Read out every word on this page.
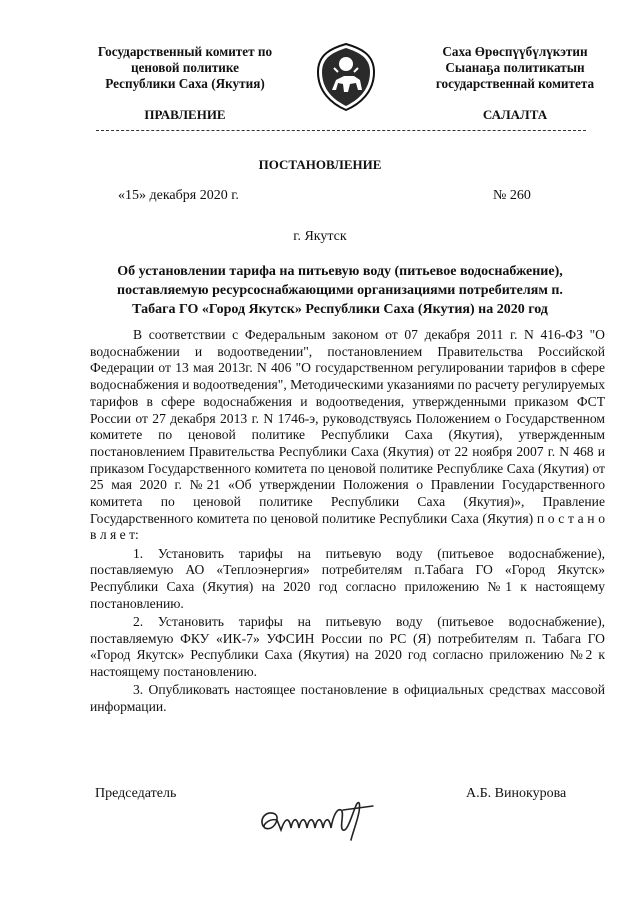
Государственный комитет по
ценовой политике
Республики Саха (Якутия)
Саха Өрөспүүбүлүкэтин
Сыанаҕа политикатын
государственнай комитета
ПРАВЛЕНИЕ	САЛАЛТА
ПОСТАНОВЛЕНИЕ
«15» декабря 2020 г.	№ 260
г. Якутск
Об установлении тарифа на питьевую воду (питьевое водоснабжение),
поставляемую ресурсоснабжающими организациями потребителям п.
Табага ГО «Город Якутск» Республики Саха (Якутия) на 2020 год

В соответствии с Федеральным законом от 07 декабря 2011 г. N 416-ФЗ "О водоснабжении и водоотведении", постановлением Правительства Российской Федерации от 13 мая 2013г. N 406 "О государственном регулировании тарифов в сфере водоснабжения и водоотведения", Методическими указаниями по расчету регулируемых тарифов в сфере водоснабжения и водоотведения, утвержденными приказом ФСТ России от 27 декабря 2013 г. N 1746-э, руководствуясь Положением о Государственном комитете по ценовой политике Республики Саха (Якутия), утвержденным постановлением Правительства Республики Саха (Якутия) от 22 ноября 2007 г. N 468 и приказом Государственного комитета по ценовой политике Республике Саха (Якутия) от 25 мая 2020 г. №21 «Об утверждении Положения о Правлении Государственного комитета по ценовой политике Республики Саха (Якутия)», Правление Государственного комитета по ценовой политике Республики Саха (Якутия) п о с т а н о в л я е т:

1. Установить тарифы на питьевую воду (питьевое водоснабжение), поставляемую АО «Теплоэнергия» потребителям п.Табага ГО «Город Якутск» Республики Саха (Якутия) на 2020 год согласно приложению №1 к настоящему постановлению.

2. Установить тарифы на питьевую воду (питьевое водоснабжение), поставляемую ФКУ «ИК-7» УФСИН России по РС (Я) потребителям п. Табага ГО «Город Якутск» Республики Саха (Якутия) на 2020 год согласно приложению №2 к настоящему постановлению.

3. Опубликовать настоящее постановление в официальных средствах массовой информации.

Председатель	А.Б. Винокурова
